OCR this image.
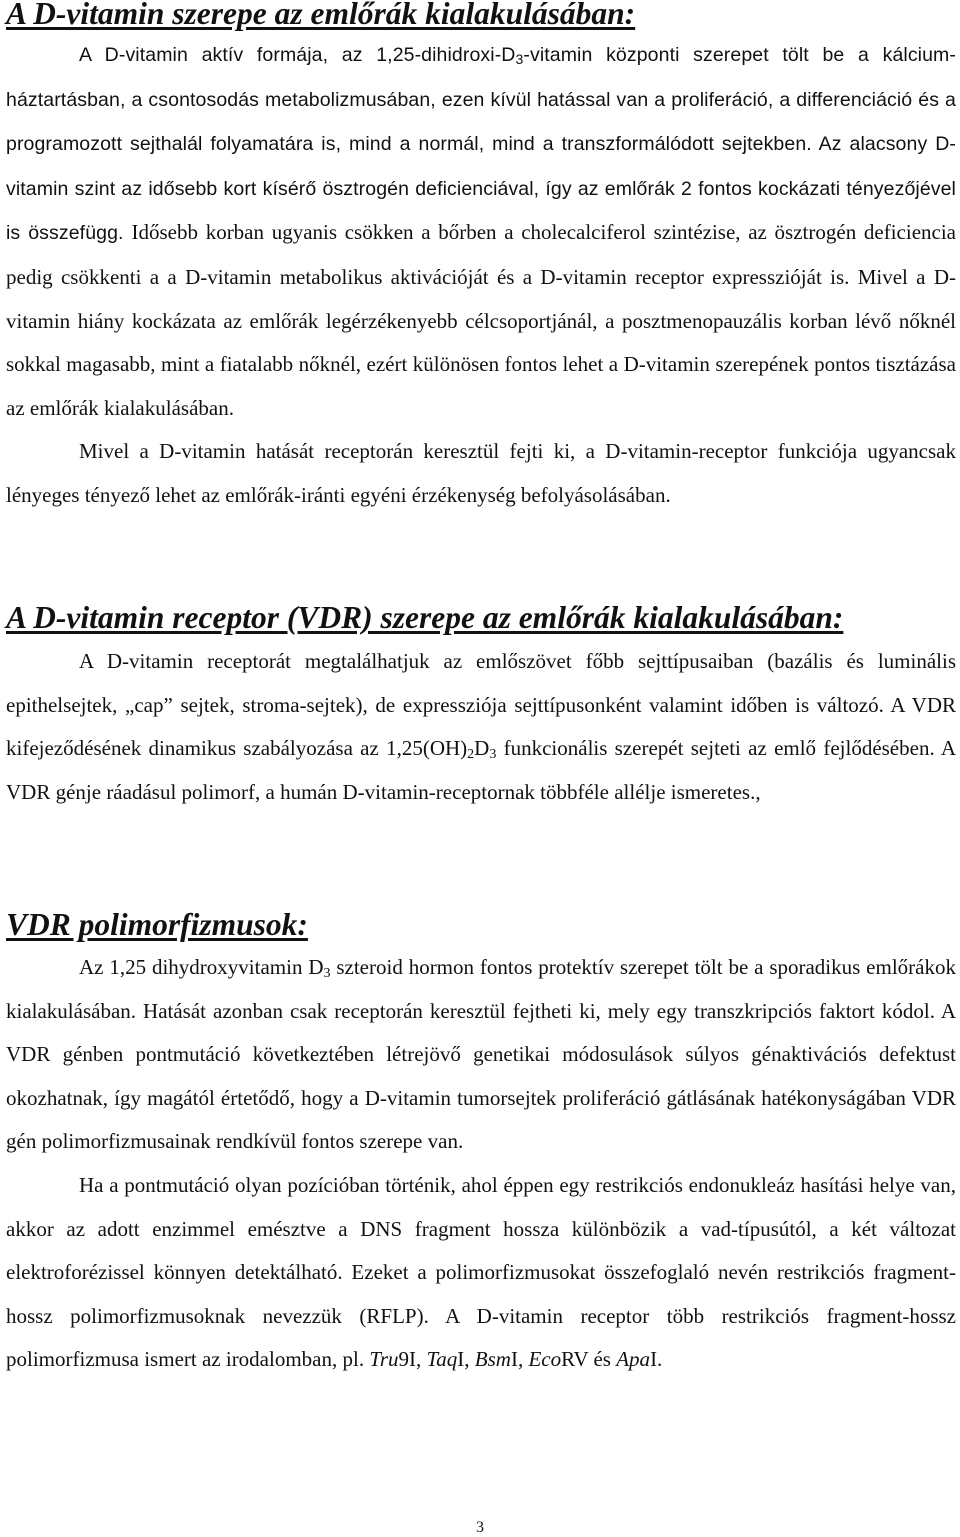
A D-vitamin szerepe az emlőrák kialakulásában:

A D-vitamin aktív formája, az $1,25-dihidroxi-D_3$-vitamin központi szerepet tölt be a kálcium-háztartásban, a csontosodás metabolizmusában, ezen kívül hatással van a proliferáció, a differenciáció és a programozott sejthalál folyamatára is, mind a normál, mind a transzformálódott sejtekben. Az alacsony D-vitamin szint az idősebb kort kísérő ösztrogén deficienciával, így az emlőrák 2 fontos kockázati tényezőjével is összefügg. Idősebb korban ugyanis csökken a bőrben a cholecalciferol szintézise, az ösztrogén deficiencia pedig csökkenti a a D-vitamin metabolikus aktivációját és a D-vitamin receptor expresszióját is. Mivel a D-vitamin hiány kockázata az emlőrák legérzékenyebb célcsoportjánál, a posztmenopauzális korban lévő nőknél sokkal magasabb, mint a fiatalabb nőknél, ezért különösen fontos lehet a D-vitamin szerepének pontos tisztázása az emlőrák kialakulásában.

Mivel a D-vitamin hatását receptorán keresztül fejti ki, a D-vitamin-receptor funkciója ugyancsak lényeges tényező lehet az emlőrák-iránti egyéni érzékenység befolyásolásában.

A D-vitamin receptor (VDR) szerepe az emlőrák kialakulásában:

A D-vitamin receptorát megtalálhatjuk az emlőszövet főbb sejttípusaiban (bazális és luminális epithelsejtek, „cap” sejtek, stroma-sejtek), de expressziója sejttípusonként valamint időben is változó. A VDR kifejeződésének dinamikus szabályozása az $1,25(OH)_2D_3$ funkcionális szerepét sejteti az emlő fejlődésében. A VDR génje ráadásul polimorf, a humán D-vitamin-receptornak többféle allélje ismeretes.,

VDR polimorfizmusok:

Az 1,25 dihydroxyvitamin $D_3$ szteroid hormon fontos protektív szerepet tölt be a sporadikus emlőrákok kialakulásában. Hatását azonban csak receptorán keresztül fejtheti ki, mely egy transzkripciós faktort kódol. A VDR génben pontmutáció következtében létrejövő genetikai módosulások súlyos génaktivációs defektust okozhatnak, így magától értetődő, hogy a D-vitamin tumorsejtek proliferáció gátlásának hatékonyságában VDR gén polimorfizmusainak rendkívül fontos szerepe van.

Ha a pontmutáció olyan pozícióban történik, ahol éppen egy restrikciós endonukleáz hasítási helye van, akkor az adott enzimmel emésztve a DNS fragment hossza különbözik a vad-típusútól, a két változat elektroforézissel könnyen detektálható. Ezeket a polimorfizmusokat összefoglaló nevén restrikciós fragment-hossz polimorfizmusoknak nevezzük (RFLP). A D-vitamin receptor több restrikciós fragment-hossz polimorfizmusa ismert az irodalomban, pl. Tru9I, TaqI, BsmI, EcoRV és ApaI.

3
